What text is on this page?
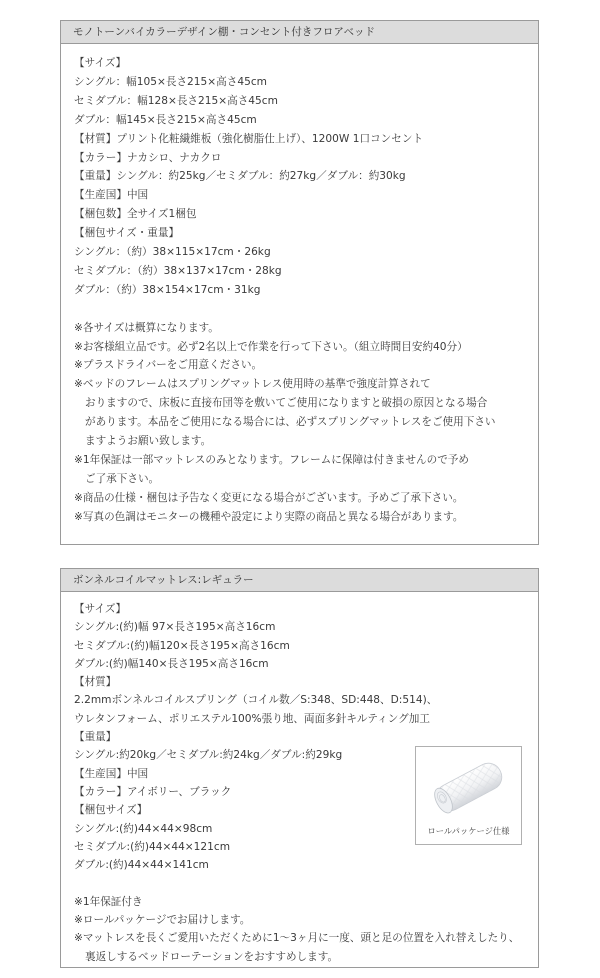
モノトーンバイカラーデザイン棚・コンセント付きフロアベッド
【サイズ】
シングル：幅105×長さ215×高さ45cm
セミダブル：幅128×長さ215×高さ45cm
ダブル：幅145×長さ215×高さ45cm
【材質】プリント化粧繊維板（強化樹脂仕上げ）、1200W 1口コンセント
【カラー】ナカシロ、ナカクロ
【重量】シングル：約25kg／セミダブル：約27kg／ダブル：約30kg
【生産国】中国
【梱包数】全サイズ1梱包
【梱包サイズ・重量】
シングル：（約）38×115×17cm・26kg
セミダブル：（約）38×137×17cm・28kg
ダブル：（約）38×154×17cm・31kg
※各サイズは概算になります。
※お客様組立品です。必ず2名以上で作業を行って下さい。（組立時間目安約40分）
※プラスドライバーをご用意ください。
※ベッドのフレームはスプリングマットレス使用時の基準で強度計算されて
おりますので、床板に直接布団等を敷いてご使用になりますと破損の原因となる場合
があります。本品をご使用になる場合には、必ずスプリングマットレスをご使用下さい
ますようお願い致します。
※1年保証は一部マットレスのみとなります。フレームに保障は付きませんので予め
ご了承下さい。
※商品の仕様・梱包は予告なく変更になる場合がございます。予めご了承下さい。
※写真の色調はモニターの機種や設定により実際の商品と異なる場合があります。
ボンネルコイルマットレス:レギュラー
【サイズ】
シングル:(約)幅 97×長さ195×高さ16cm
セミダブル:(約)幅120×長さ195×高さ16cm
ダブル:(約)幅140×長さ195×高さ16cm
【材質】
2.2mmボンネルコイルスプリング（コイル数／S:348、SD:448、D:514)、
ウレタンフォーム、ポリエステル100%張り地、両面多針キルティング加工
【重量】
シングル:約20kg／セミダブル:約24kg／ダブル:約29kg
【生産国】中国
【カラー】アイボリー、ブラック
【梱包サイズ】
シングル:(約)44×44×98cm
セミダブル:(約)44×44×121cm
ダブル:(約)44×44×141cm
※1年保証付き
※ロールパッケージでお届けします。
※マットレスを長くご愛用いただくために1〜3ヶ月に一度、頭と足の位置を入れ替えしたり、
裏返しするベッドローテーションをおすすめします。
ロールパッケージ仕様
